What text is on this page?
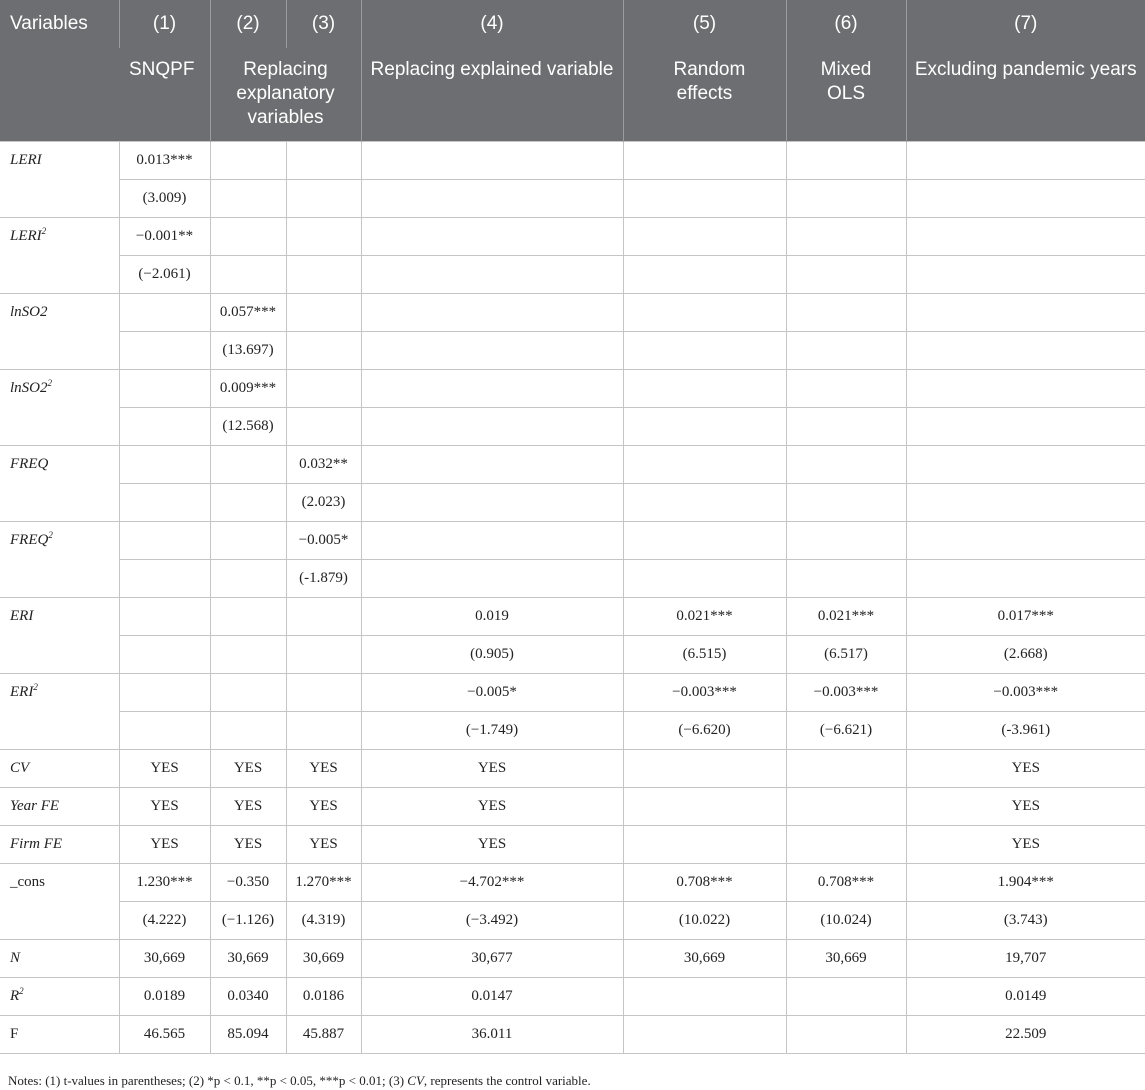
Variables	(1)	(2)	(3)	(4)	(5)	(6)	(7)
	SNQPF	Replacing explanatory variables		Replacing explained variable	Random effects	Mixed OLS	Excluding pandemic years
LERI	0.013***						
	(3.009)						
$LERI^2$	−0.001**						
	(−2.061)						
lnSO2		0.057***					
		(13.697)					
$lnSO2^2$		0.009***					
		(12.568)					
FREQ			0.032**				
			(2.023)				
FREQ$^2$			−0.005*				
			(-1.879)				
ERI				0.019	0.021***	0.021***	0.017***
				(0.905)	(6.515)	(6.517)	(2.668)
ERI$^2$				−0.005*	−0.003***	−0.003***	−0.003***
				(−1.749)	(−6.620)	(−6.621)	(-3.961)
CV	YES	YES	YES	YES			YES
Year FE	YES	YES	YES	YES			YES
Firm FE	YES	YES	YES	YES			YES
_cons	1.230***	−0.350	1.270***	−4.702***	0.708***	0.708***	1.904***
	(4.222)	(−1.126)	(4.319)	(−3.492)	(10.022)	(10.024)	(3.743)
N	30,669	30,669	30,669	30,677	30,669	30,669	19,707
$R^2$	0.0189	0.0340	0.0186	0.0147			0.0149
F	46.565	85.094	45.887	36.011			22.509
Notes: (1) t-values in parentheses; (2) *p < 0.1, **p < 0.05, ***p < 0.01; (3) CV, represents the control variable.
